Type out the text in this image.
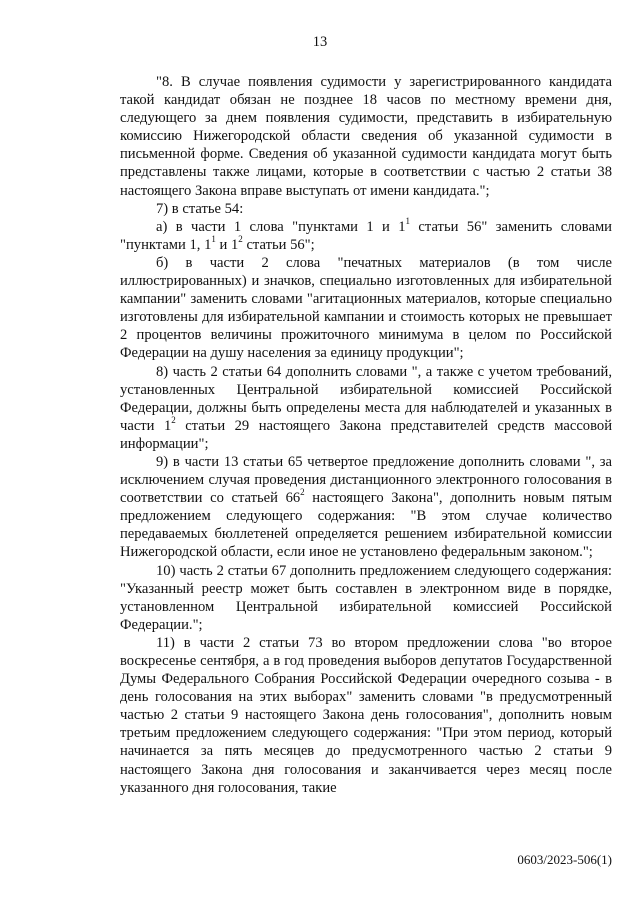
13

"8. В случае появления судимости у зарегистрированного кандидата такой кандидат обязан не позднее 18 часов по местному времени дня, следующего за днем появления судимости, представить в избирательную комиссию Нижегородской области сведения об указанной судимости в письменной форме. Сведения об указанной судимости кандидата могут быть представлены также лицами, которые в соответствии с частью 2 статьи 38 настоящего Закона вправе выступать от имени кандидата.";

7) в статье 54:

а) в части 1 слова "пунктами 1 и $1^1$ статьи 56" заменить словами "пунктами 1, $1^1$ и $1^2$ статьи 56";

б) в части 2 слова "печатных материалов (в том числе иллюстрированных) и значков, специально изготовленных для избирательной кампании" заменить словами "агитационных материалов, которые специально изготовлены для избирательной кампании и стоимость которых не превышает 2 процентов величины прожиточного минимума в целом по Российской Федерации на душу населения за единицу продукции";

8) часть 2 статьи 64 дополнить словами ", а также с учетом требований, установленных Центральной избирательной комиссией Российской Федерации, должны быть определены места для наблюдателей и указанных в части $1^2$ статьи 29 настоящего Закона представителей средств массовой информации";

9) в части 13 статьи 65 четвертое предложение дополнить словами ", за исключением случая проведения дистанционного электронного голосования в соответствии со статьей $66^2$ настоящего Закона", дополнить новым пятым предложением следующего содержания: "В этом случае количество передаваемых бюллетеней определяется решением избирательной комиссии Нижегородской области, если иное не установлено федеральным законом.";

10) часть 2 статьи 67 дополнить предложением следующего содержания: "Указанный реестр может быть составлен в электронном виде в порядке, установленном Центральной избирательной комиссией Российской Федерации.";

11) в части 2 статьи 73 во втором предложении слова "во второе воскресенье сентября, а в год проведения выборов депутатов Государственной Думы Федерального Собрания Российской Федерации очередного созыва - в день голосования на этих выборах" заменить словами "в предусмотренный частью 2 статьи 9 настоящего Закона день голосования", дополнить новым третьим предложением следующего содержания: "При этом период, который начинается за пять месяцев до предусмотренного частью 2 статьи 9 настоящего Закона дня голосования и заканчивается через месяц после указанного дня голосования, такие

0603/2023-506(1)
